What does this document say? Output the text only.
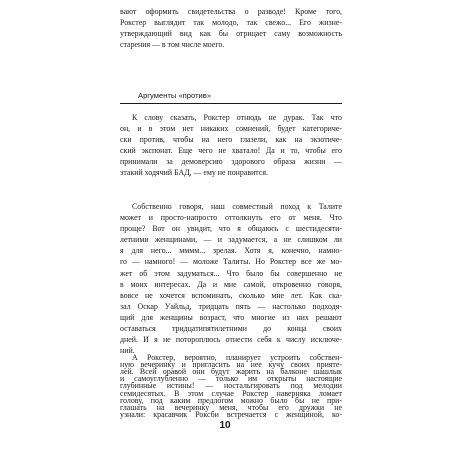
вают оформить свидетельства о разводе! Кроме того,
Рокстер выглядит так молодо, так свежо... Его жизне-
утверждающий вид как бы отрицает саму возможность
старения — в том числе моего.
Аргументы «против»
К слову сказать, Рокстер отнюдь не дурак. Так что
он, и в этом нет никаких сомнений, будет категориче-
ски против, чтобы на него глазели, как на экзотиче-
ский экспонат. Еще чего не хватало! Да и то, чтобы его
принимали за демоверсию здорового образа жизни —
этакий ходячий БАД, — ему не понравится.
Собственно говоря, наш совместный поход к Талите
может и просто-напросто оттолкнуть его от меня. Что
проще? Вот он увидит, что я общаюсь с шестидесяти-
летними женщинами, — и задумается, а не слишком ли
я для него... мммм... зрелая. Хотя я, конечно, намно-
го — намного! — моложе Талиты. Но Рокстер все же мо-
жет об этом задуматься... Что было бы совершенно не
в моих интересах. Да и мне самой, откровенно говоря,
вовсе не хочется вспоминать, сколько мне лет. Как ска-
зал Оскар Уайльд, тридцать пять — настолько подходя-
щий для женщины возраст, что многие из них решают
оставаться тридцатипятилетними до конца своих
дней. И я не потороплюсь отнести себя к числу исключе-
ний.
А Рокстер, вероятно, планирует устроить собствен-
ную вечеринку и пригласить на нее кучу своих прияте-
лей. Всей оравой они будут жарить на балконе шашлык
и самоуглубленно — только им открыты настоящие
глубинные истины! — ностальгировать под мелодии
семидесятых. В этом случае Рокстер наверняка ломает
голову, под каким предлогом можно было бы не при-
глашать на вечеринку меня, чтобы его дружки не
узнали: красавчик Роксби встречается с женщиной, ко-
10
